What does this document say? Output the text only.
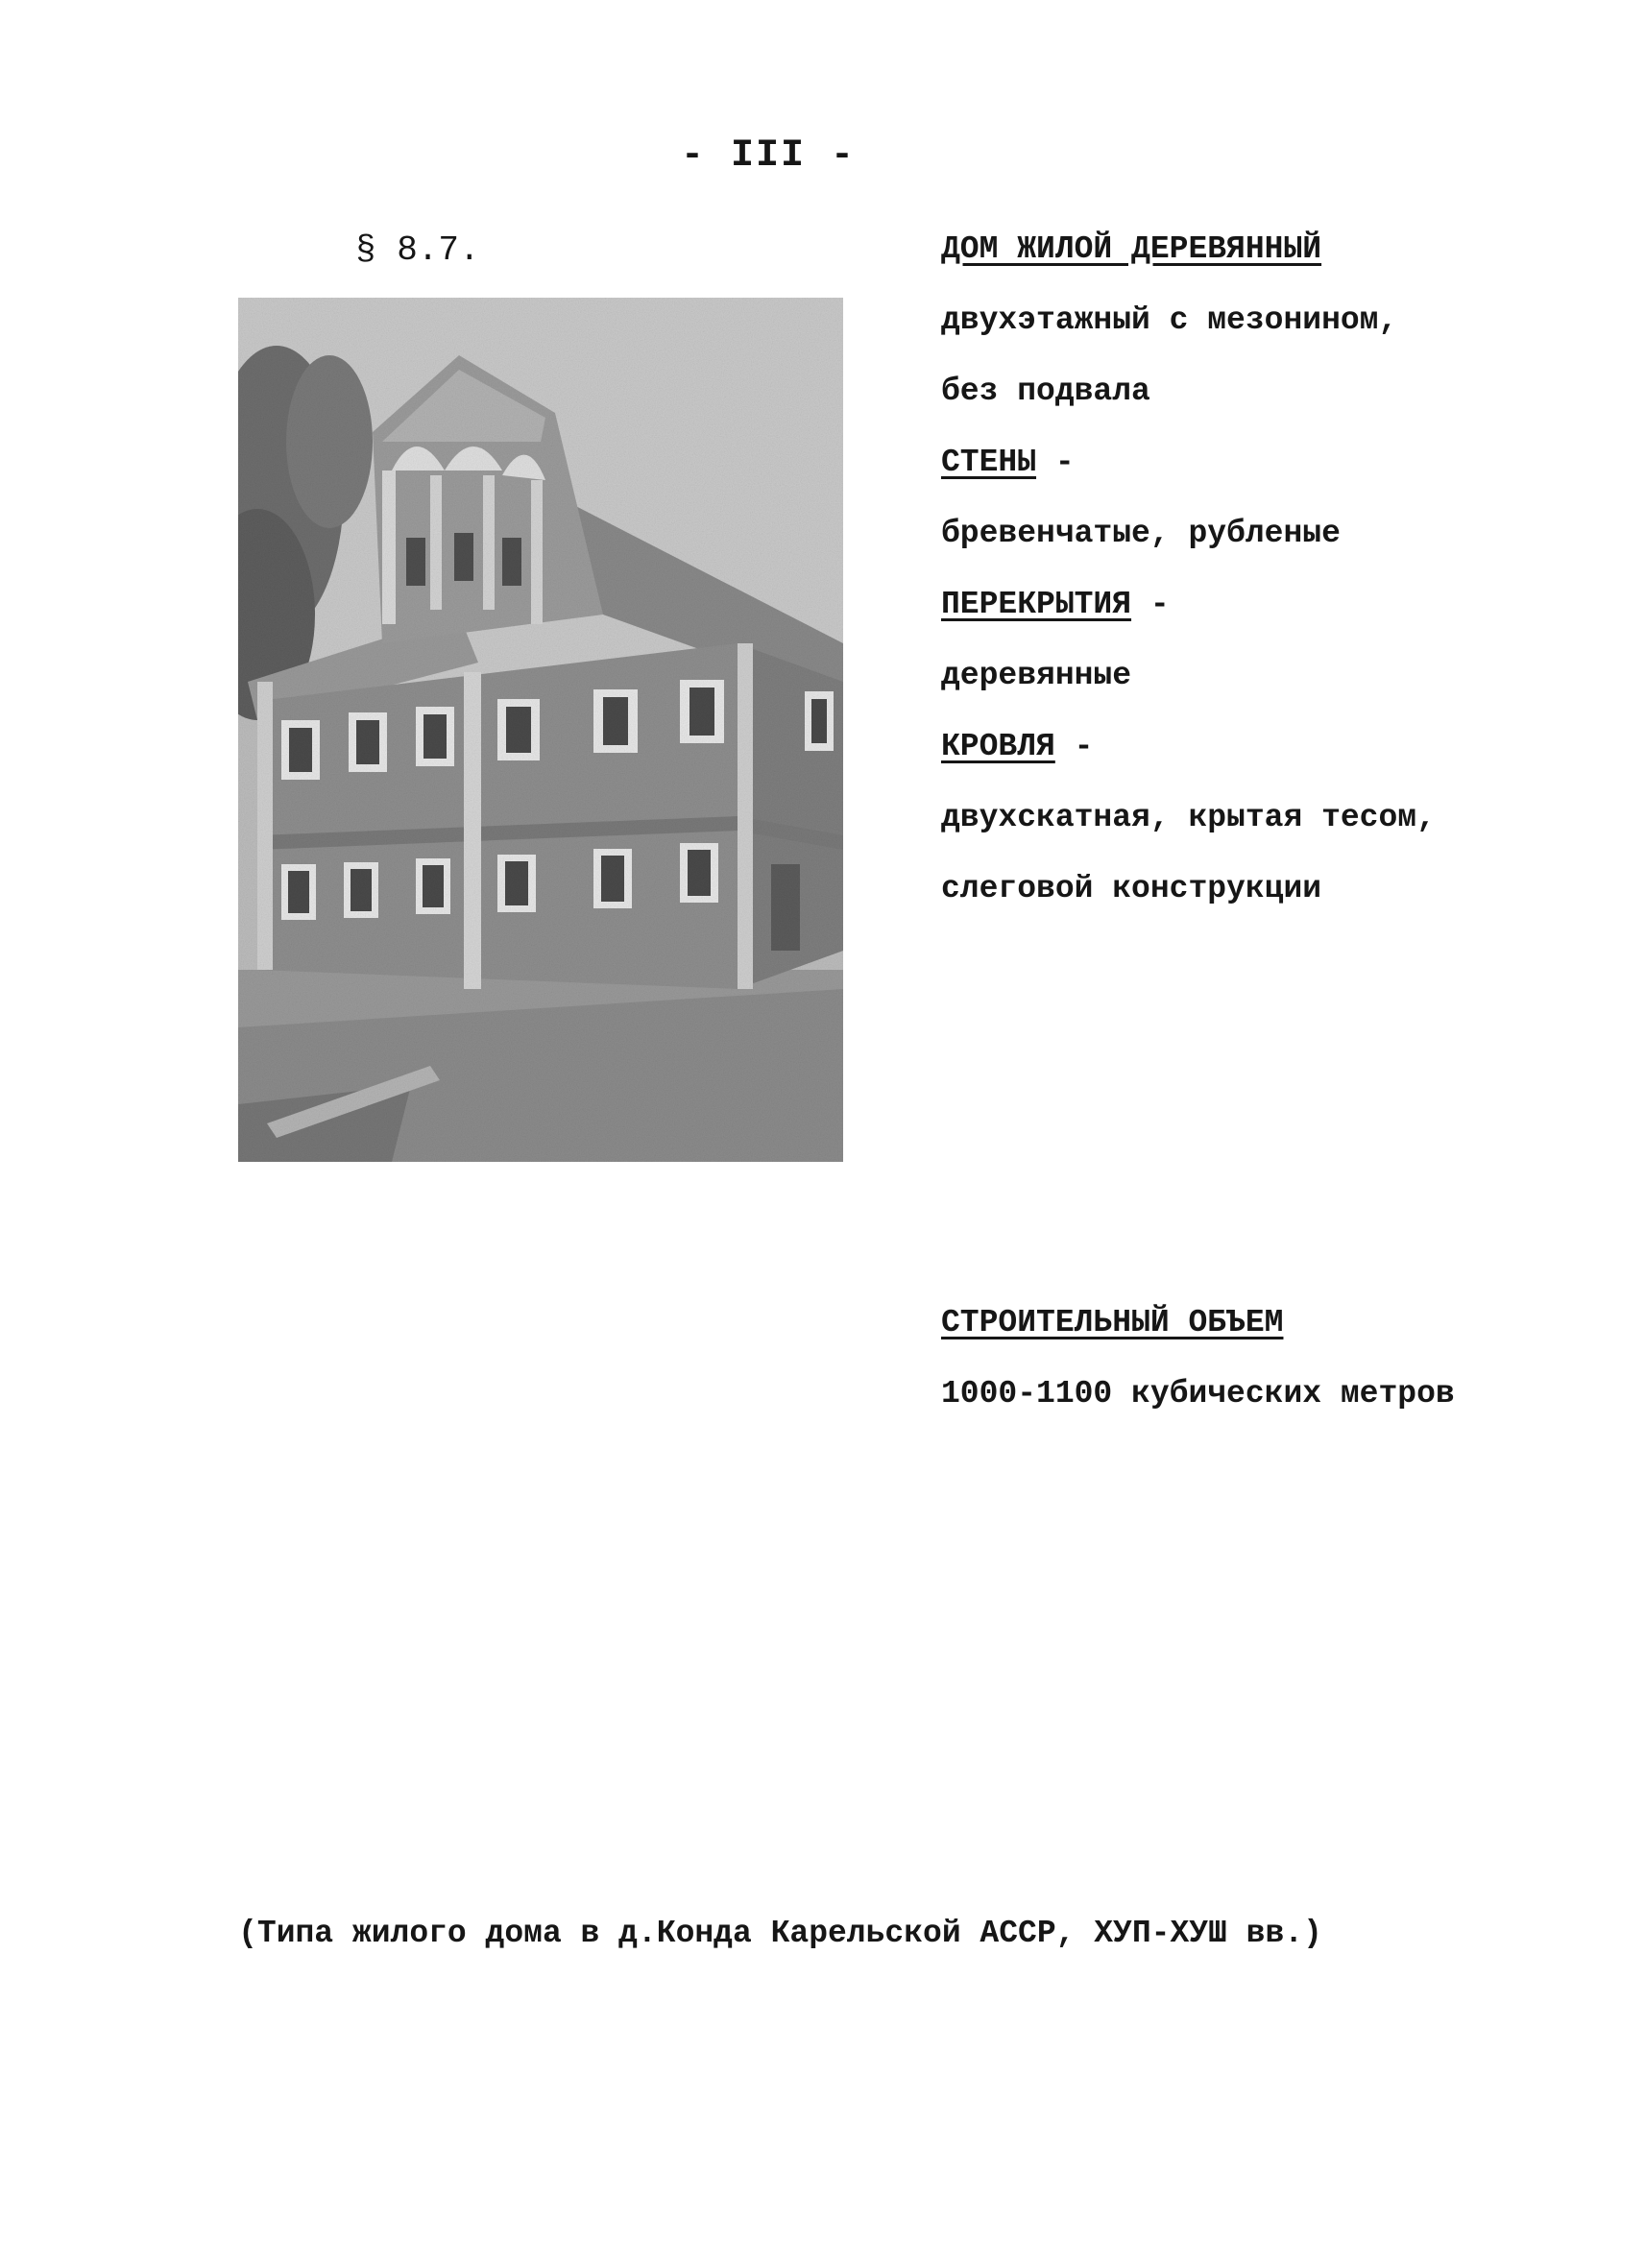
- III -
§ 8.7.	ДОМ ЖИЛОЙ ДЕРЕВЯННЫЙ
двухэтажный с мезонином,
без подвала
СТЕНЫ -
бревенчатые, рубленые
ПЕРЕКРЫТИЯ -
деревянные
КРОВЛЯ -
двухскатная, крытая тесом,
слеговой конструкции
СТРОИТЕЛЬНЫЙ ОБЪЕМ
1000-1100 кубических метров
(Типа жилого дома в д.Конда Карельской АССР, ХУП-ХУШ вв.)
